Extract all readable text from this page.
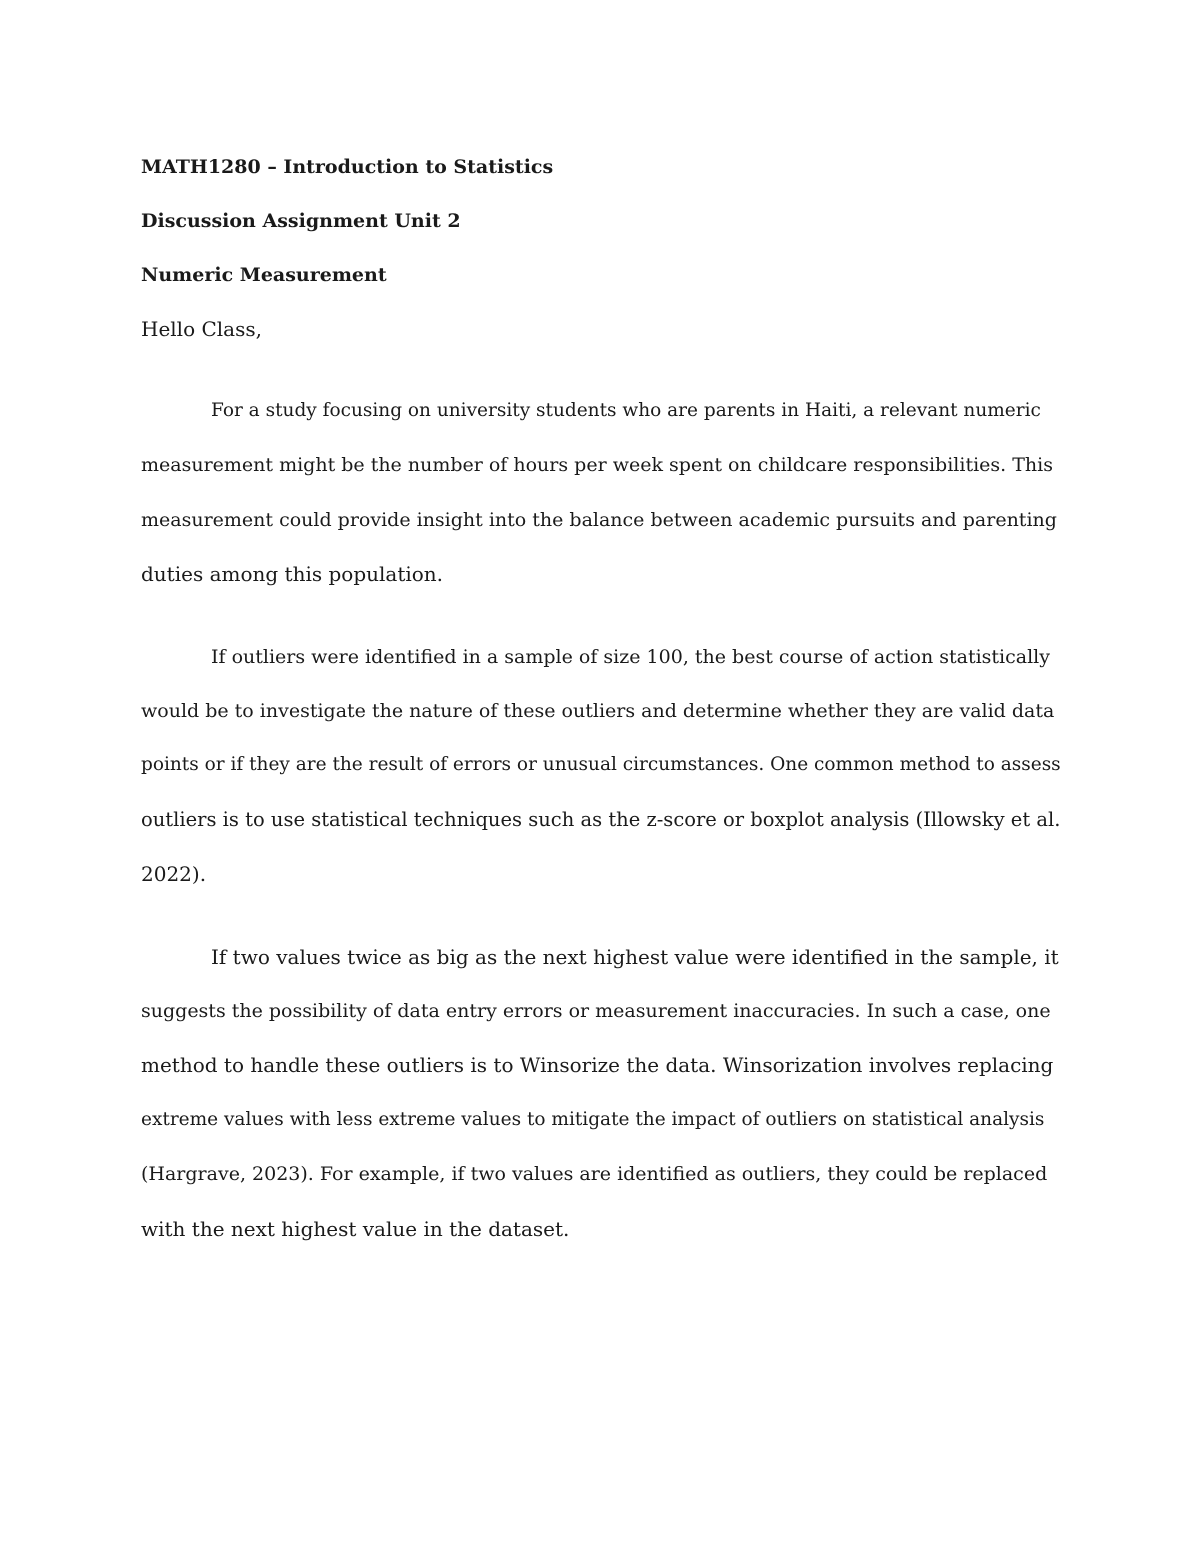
MATH1280 – Introduction to Statistics
Discussion Assignment Unit 2
Numeric Measurement
Hello Class,
For a study focusing on university students who are parents in Haiti, a relevant numeric
measurement might be the number of hours per week spent on childcare responsibilities. This
measurement could provide insight into the balance between academic pursuits and parenting
duties among this population.
If outliers were identified in a sample of size 100, the best course of action statistically
would be to investigate the nature of these outliers and determine whether they are valid data
points or if they are the result of errors or unusual circumstances. One common method to assess
outliers is to use statistical techniques such as the z-score or boxplot analysis (Illowsky et al.
2022).
If two values twice as big as the next highest value were identified in the sample, it
suggests the possibility of data entry errors or measurement inaccuracies. In such a case, one
method to handle these outliers is to Winsorize the data. Winsorization involves replacing
extreme values with less extreme values to mitigate the impact of outliers on statistical analysis
(Hargrave, 2023). For example, if two values are identified as outliers, they could be replaced
with the next highest value in the dataset.
